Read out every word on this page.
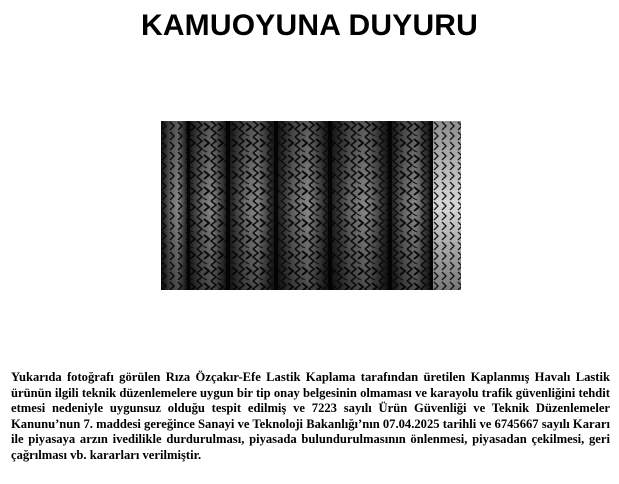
KAMUOYUNA DUYURU

Yukarıda fotoğrafı görülen Rıza Özçakır-Efe Lastik Kaplama tarafından üretilen Kaplanmış Havalı Lastik ürünün ilgili teknik düzenlemelere uygun bir tip onay belgesinin olmaması ve karayolu trafik güvenliğini tehdit etmesi nedeniyle uygunsuz olduğu tespit edilmiş ve 7223 sayılı Ürün Güvenliği ve Teknik Düzenlemeler Kanunu’nun 7. maddesi gereğince Sanayi ve Teknoloji Bakanlığı’nın 07.04.2025 tarihli ve 6745667 sayılı Kararı ile piyasaya arzın ivedilikle durdurulması, piyasada bulundurulmasının önlenmesi, piyasadan çekilmesi, geri çağrılması vb. kararları verilmiştir.
